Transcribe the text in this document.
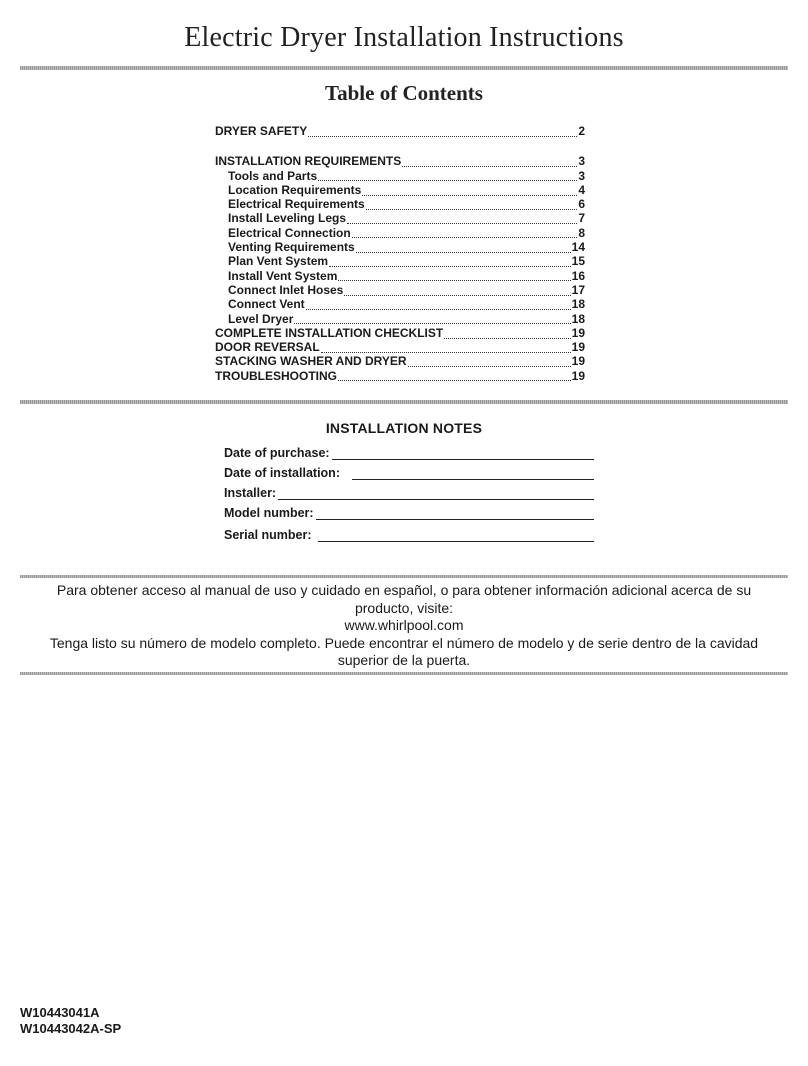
Electric Dryer Installation Instructions
Table of Contents
DRYER SAFETY	2
INSTALLATION REQUIREMENTS	3
Tools and Parts	3
Location Requirements	4
Electrical Requirements	6
Install Leveling Legs	7
Electrical Connection	8
Venting Requirements	14
Plan Vent System	15
Install Vent System	16
Connect Inlet Hoses	17
Connect Vent	18
Level Dryer	18
COMPLETE INSTALLATION CHECKLIST	19
DOOR REVERSAL	19
STACKING WASHER AND DRYER	19
TROUBLESHOOTING	19
INSTALLATION NOTES
Date of purchase:
Date of installation:
Installer:
Model number:
Serial number:
Para obtener acceso al manual de uso y cuidado en español, o para obtener información adicional acerca de su producto, visite:
www.whirlpool.com
Tenga listo su número de modelo completo. Puede encontrar el número de modelo y de serie dentro de la cavidad superior de la puerta.
W10443041A
W10443042A-SP
